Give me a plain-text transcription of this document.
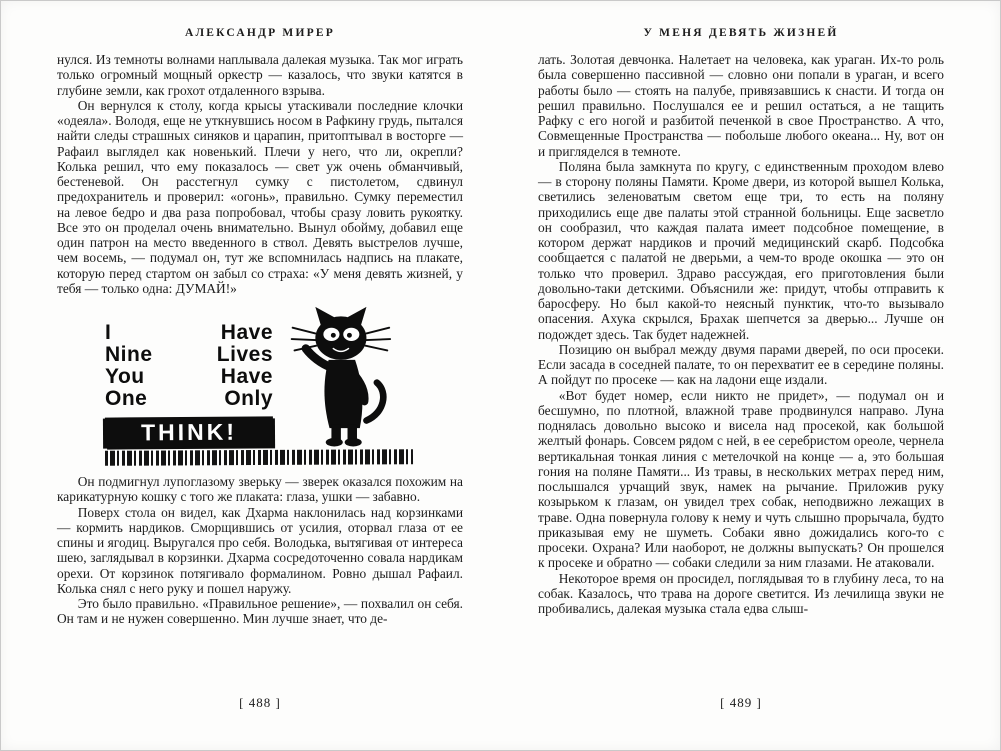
АЛЕКСАНДР МИРЕР

нулся. Из темноты волнами наплывала далекая музыка. Так мог играть только огромный мощный оркестр — казалось, что звуки катятся в глубине земли, как грохот отдаленного взрыва.

Он вернулся к столу, когда крысы утаскивали последние клочки «одеяла». Володя, еще не уткнувшись носом в Рафкину грудь, пытался найти следы страшных синяков и царапин, притоптывал в восторге — Рафаил выглядел как новенький. Плечи у него, что ли, окрепли? Колька решил, что ему показалось — свет уж очень обманчивый, бестеневой. Он расстегнул сумку с пистолетом, сдвинул предохранитель и проверил: «огонь», правильно. Сумку переместил на левое бедро и два раза попробовал, чтобы сразу ловить рукоятку. Все это он проделал очень внимательно. Вынул обойму, добавил еще один патрон на место введенного в ствол. Девять выстрелов лучше, чем восемь, — подумал он, тут же вспомнилась надпись на плакате, которую перед стартом он забыл со страха: «У меня девять жизней, у тебя — только одна: ДУМАЙ!»

I Have
Nine Lives
You Have
One Only
THINK!

Он подмигнул лупоглазому зверьку — зверек оказался похожим на карикатурную кошку с того же плаката: глаза, ушки — забавно.

Поверх стола он видел, как Дхарма наклонилась над корзинками — кормить нардиков. Сморщившись от усилия, оторвал глаза от ее спины и ягодиц. Выругался про себя. Володька, вытягивая от интереса шею, заглядывал в корзинки. Дхарма сосредоточенно совала нардикам орехи. От корзинок потягивало формалином. Ровно дышал Рафаил. Колька снял с него руку и пошел наружу.

Это было правильно. «Правильное решение», — похвалил он себя. Он там и не нужен совершенно. Мин лучше знает, что де-

[ 488 ]
У МЕНЯ ДЕВЯТЬ ЖИЗНЕЙ

лать. Золотая девчонка. Налетает на человека, как ураган. Их-то роль была совершенно пассивной — словно они попали в ураган, и всего работы было — стоять на палубе, привязавшись к снасти. И тогда он решил правильно. Послушался ее и решил остаться, а не тащить Рафку с его ногой и разбитой печенкой в свое Пространство. А что, Совмещенные Пространства — побольше любого океана... Ну, вот он и пригляделся в темноте.

Поляна была замкнута по кругу, с единственным проходом влево — в сторону поляны Памяти. Кроме двери, из которой вышел Колька, светились зеленоватым светом еще три, то есть на поляну приходились еще две палаты этой странной больницы. Еще засветло он сообразил, что каждая палата имеет подсобное помещение, в котором держат нардиков и прочий медицинский скарб. Подсобка сообщается с палатой не дверьми, а чем-то вроде окошка — это он только что проверил. Здраво рассуждая, его приготовления были довольно-таки детскими. Объяснили же: придут, чтобы отправить к баросферу. Но был какой-то неясный пунктик, что-то вызывало опасения. Ахука скрылся, Брахак шепчется за дверью... Лучше он подождет здесь. Так будет надежней.

Позицию он выбрал между двумя парами дверей, по оси просеки. Если засада в соседней палате, то он перехватит ее в середине поляны. А пойдут по просеке — как на ладони еще издали.

«Вот будет номер, если никто не придет», — подумал он и бесшумно, по плотной, влажной траве продвинулся направо. Луна поднялась довольно высоко и висела над просекой, как большой желтый фонарь. Совсем рядом с ней, в ее серебристом ореоле, чернела вертикальная тонкая линия с метелочкой на конце — а, это большая гония на поляне Памяти... Из травы, в нескольких метрах перед ним, послышался урчащий звук, намек на рычание. Приложив руку козырьком к глазам, он увидел трех собак, неподвижно лежащих в траве. Одна повернула голову к нему и чуть слышно прорычала, будто приказывая ему не шуметь. Собаки явно дожидались кого-то с просеки. Охрана? Или наоборот, не должны выпускать? Он прошелся к просеке и обратно — собаки следили за ним глазами. Не атаковали.

Некоторое время он просидел, поглядывая то в глубину леса, то на собак. Казалось, что трава на дороге светится. Из лечилища звуки не пробивались, далекая музыка стала едва слыш-

[ 489 ]
